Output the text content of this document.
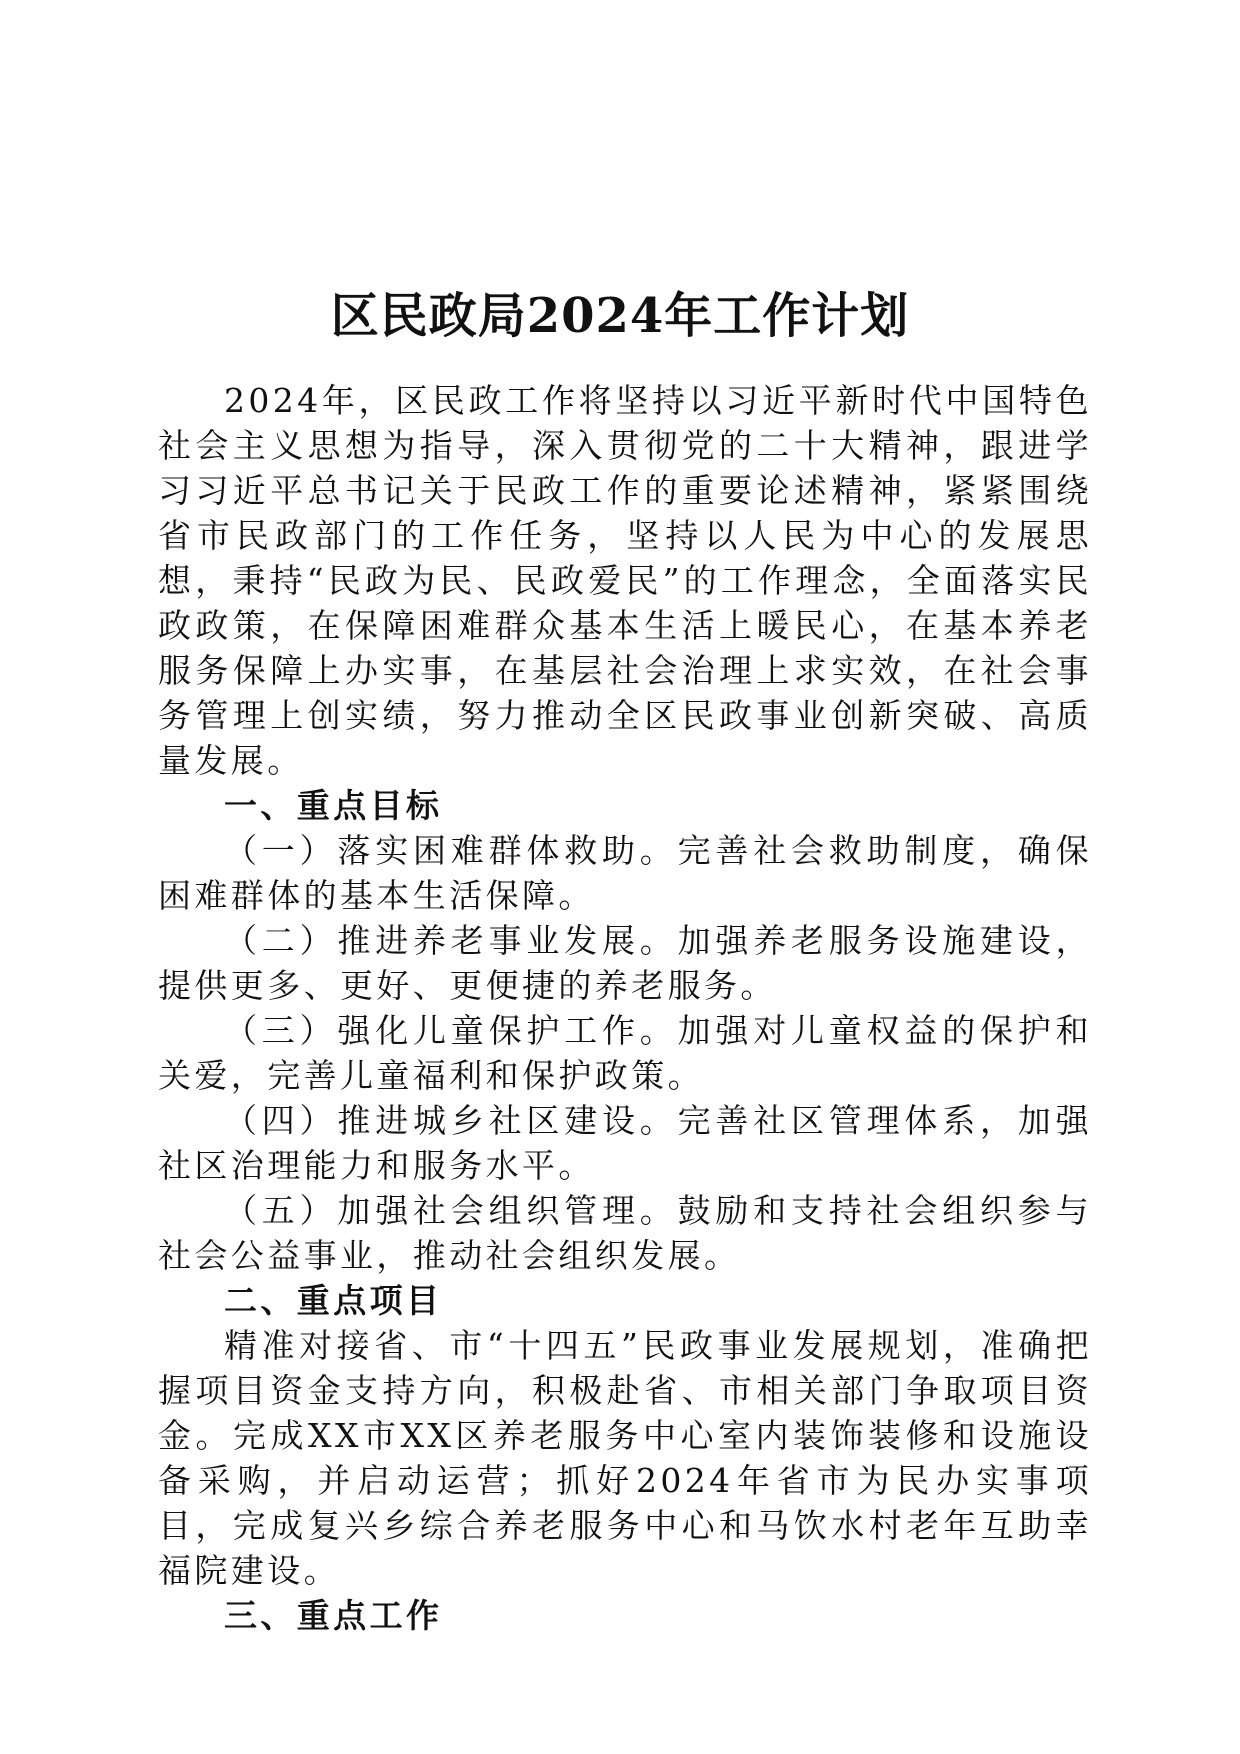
区民政局2024年工作计划

2024年，区民政工作将坚持以习近平新时代中国特色社会主义思想为指导，深入贯彻党的二十大精神，跟进学习习近平总书记关于民政工作的重要论述精神，紧紧围绕省市民政部门的工作任务，坚持以人民为中心的发展思想，秉持“民政为民、民政爱民”的工作理念，全面落实民政政策，在保障困难群众基本生活上暖民心，在基本养老服务保障上办实事，在基层社会治理上求实效，在社会事务管理上创实绩，努力推动全区民政事业创新突破、高质量发展。

一、重点目标

（一）落实困难群体救助。完善社会救助制度，确保困难群体的基本生活保障。

（二）推进养老事业发展。加强养老服务设施建设，提供更多、更好、更便捷的养老服务。

（三）强化儿童保护工作。加强对儿童权益的保护和关爱，完善儿童福利和保护政策。

（四）推进城乡社区建设。完善社区管理体系，加强社区治理能力和服务水平。

（五）加强社会组织管理。鼓励和支持社会组织参与社会公益事业，推动社会组织发展。

二、重点项目

精准对接省、市“十四五”民政事业发展规划，准确把握项目资金支持方向，积极赴省、市相关部门争取项目资金。完成XX市XX区养老服务中心室内装饰装修和设施设备采购，并启动运营；抓好2024年省市为民办实事项目，完成复兴乡综合养老服务中心和马饮水村老年互助幸福院建设。

三、重点工作
